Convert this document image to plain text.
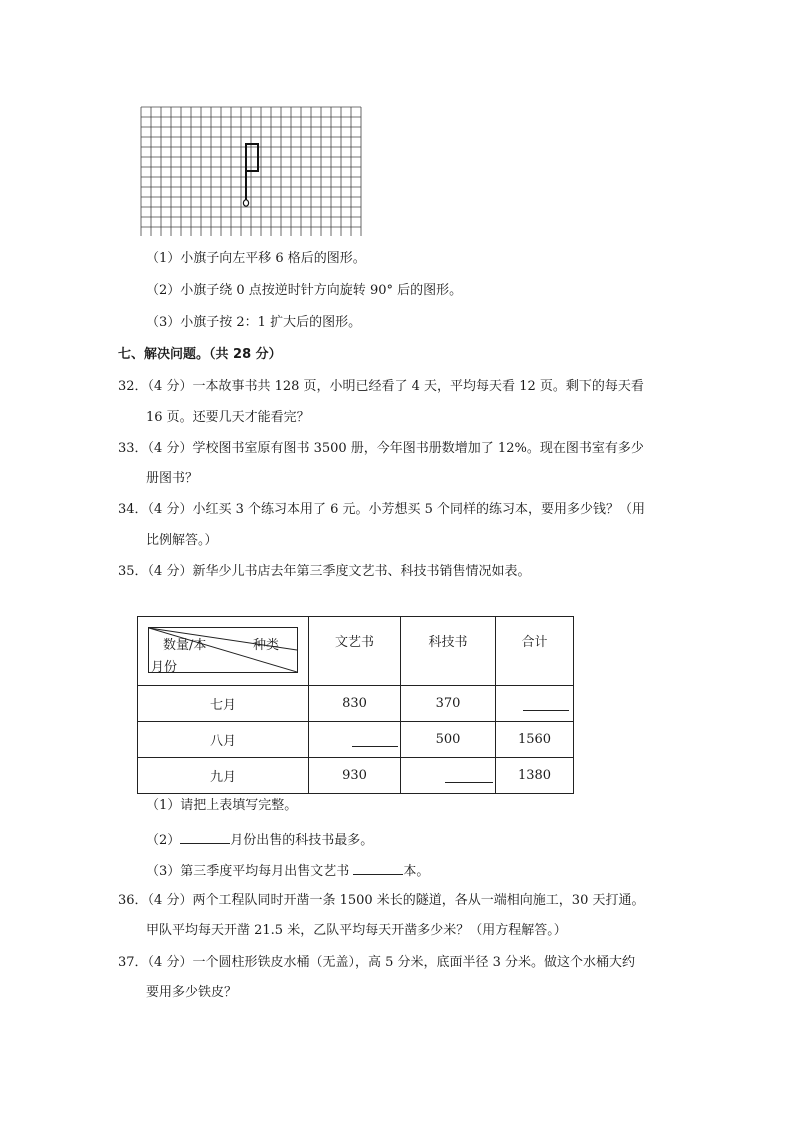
（1）小旗子向左平移 6 格后的图形。
（2）小旗子绕 0 点按逆时针方向旋转 90° 后的图形。
（3）小旗子按 2：1 扩大后的图形。
七、解决问题。（共 28 分）
32．（4 分）一本故事书共 128 页，小明已经看了 4 天，平均每天看 12 页。剩下的每天看
16 页。还要几天才能看完？
33．（4 分）学校图书室原有图书 3500 册，今年图书册数增加了 12%。现在图书室有多少
册图书？
34．（4 分）小红买 3 个练习本用了 6 元。小芳想买 5 个同样的练习本，要用多少钱？（用
比例解答。）
35．（4 分）新华少儿书店去年第三季度文艺书、科技书销售情况如表。
数量/本 种类
月份	文艺书	科技书	合计
七月	830	370	
八月		500	1560
九月	930		1380
（1）请把上表填写完整。
（2）	月份出售的科技书最多。
（3）第三季度平均每月出售文艺书	本。
36．（4 分）两个工程队同时开凿一条 1500 米长的隧道，各从一端相向施工，30 天打通。
甲队平均每天开凿 21.5 米，乙队平均每天开凿多少米？（用方程解答。）
37．（4 分）一个圆柱形铁皮水桶（无盖），高 5 分米，底面半径 3 分米。做这个水桶大约
要用多少铁皮？
